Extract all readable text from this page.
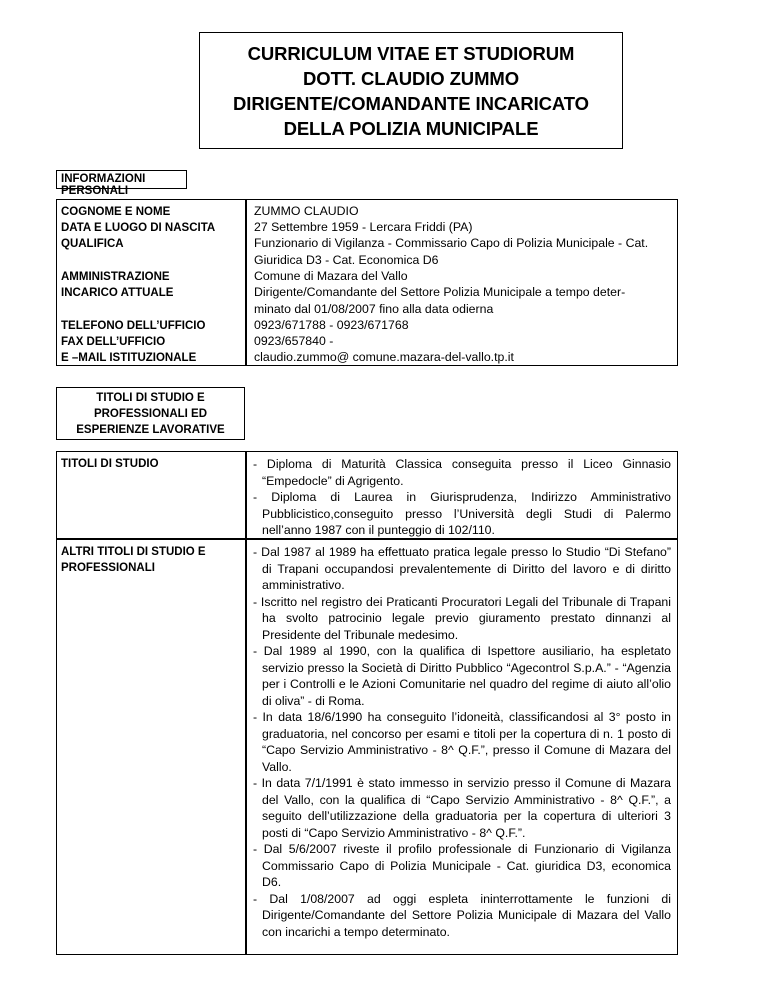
CURRICULUM VITAE ET STUDIORUM
DOTT. CLAUDIO ZUMMO
DIRIGENTE/COMANDANTE INCARICATO
DELLA POLIZIA MUNICIPALE
INFORMAZIONI PERSONALI
COGNOME E NOME
DATA E LUOGO DI NASCITA
QUALIFICA
AMMINISTRAZIONE
INCARICO ATTUALE
TELEFONO DELL’UFFICIO
FAX DELL’UFFICIO
E –MAIL ISTITUZIONALE
ZUMMO CLAUDIO
27 Settembre 1959 - Lercara Friddi (PA)
Funzionario di Vigilanza - Commissario Capo di Polizia Municipale - Cat.
Giuridica D3 - Cat. Economica D6
Comune di Mazara del Vallo
Dirigente/Comandante del Settore Polizia Municipale a tempo deter-
minato dal 01/08/2007 fino alla data odierna
0923/671788 - 0923/671768
0923/657840 -
claudio.zummo@ comune.mazara-del-vallo.tp.it
TITOLI DI STUDIO E
PROFESSIONALI ED
ESPERIENZE LAVORATIVE
TITOLI DI STUDIO	- Diploma di Maturità Classica conseguita presso il Liceo Ginnasio “Empedocle” di Agrigento.
- Diploma di Laurea in Giurisprudenza, Indirizzo Amministrativo Pubblicistico,conseguito presso l’Università degli Studi di Palermo nell’anno 1987 con il punteggio di 102/110.
ALTRI TITOLI DI STUDIO E
PROFESSIONALI
- Dal 1987 al 1989 ha effettuato pratica legale presso lo Studio “Di Stefano” di Trapani occupandosi prevalentemente di Diritto del lavoro e di diritto amministrativo.
- Iscritto nel registro dei Praticanti Procuratori Legali del Tribunale di Trapani ha svolto patrocinio legale previo giuramento prestato dinnanzi al Presidente del Tribunale medesimo.
- Dal 1989 al 1990, con la qualifica di Ispettore ausiliario, ha espletato servizio presso la Società di Diritto Pubblico “Agecontrol S.p.A.” - “Agenzia per i Controlli e le Azioni Comunitarie nel quadro del regime di aiuto all’olio di oliva” - di Roma.
- In data 18/6/1990 ha conseguito l’idoneità, classificandosi al 3° posto in graduatoria, nel concorso per esami e titoli per la copertura di n. 1 posto di “Capo Servizio Amministrativo - 8^ Q.F.”, presso il Comune di Mazara del Vallo.
- In data 7/1/1991 è stato immesso in servizio presso il Comune di Mazara del Vallo, con la qualifica di “Capo Servizio Amministrativo - 8^ Q.F.”, a seguito dell’utilizzazione della graduatoria per la copertura di ulteriori 3 posti di “Capo Servizio Amministrativo - 8^ Q.F.”.
- Dal 5/6/2007 riveste il profilo professionale di Funzionario di Vigilanza Commissario Capo di Polizia Municipale - Cat. giuridica D3, economica D6.
- Dal 1/08/2007 ad oggi espleta ininterrottamente le funzioni di Dirigente/Comandante del Settore Polizia Municipale di Mazara del Vallo con incarichi a tempo determinato.
